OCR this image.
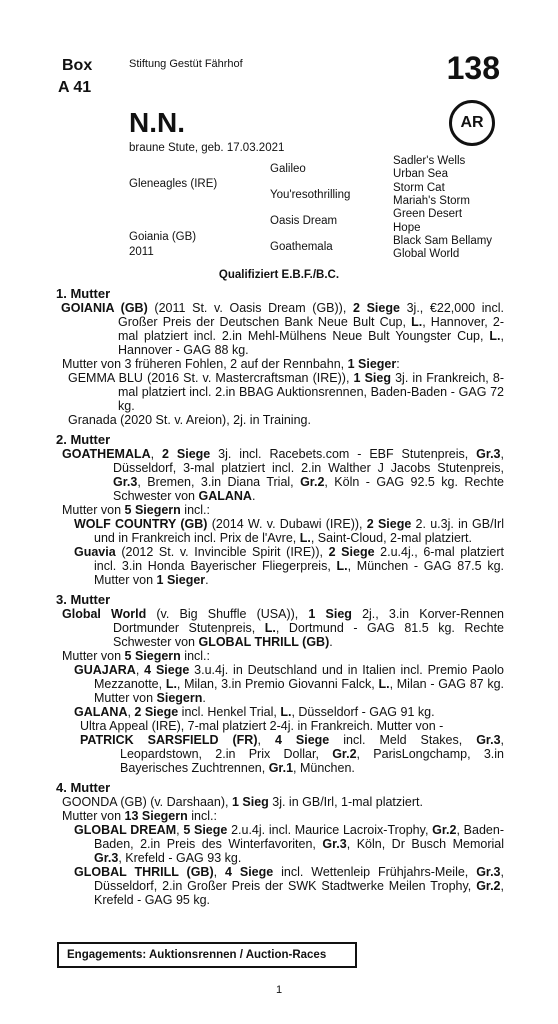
Box
A 41
Stiftung Gestüt Fährhof	138
N.N.	AR
braune Stute, geb. 17.03.2021
Gleneagles (IRE)
Goiania (GB)
2011
Galileo
You'resothrilling
Oasis Dream
Goathemala
Sadler's Wells
Urban Sea
Storm Cat
Mariah's Storm
Green Desert
Hope
Black Sam Bellamy
Global World
Qualifiziert E.B.F./B.C.
1. Mutter
GOIANIA (GB) (2011 St. v. Oasis Dream (GB)), 2 Siege 3j., €22,000 incl. Großer Preis der Deutschen Bank Neue Bult Cup, L., Hannover, 2-mal platziert incl. 2.in Mehl-Mülhens Neue Bult Youngster Cup, L., Hannover - GAG 88 kg.
Mutter von 3 früheren Fohlen, 2 auf der Rennbahn, 1 Sieger:
GEMMA BLU (2016 St. v. Mastercraftsman (IRE)), 1 Sieg 3j. in Frankreich, 8-mal platziert incl. 2.in BBAG Auktionsrennen, Baden-Baden - GAG 72 kg.
Granada (2020 St. v. Areion), 2j. in Training.
2. Mutter
GOATHEMALA, 2 Siege 3j. incl. Racebets.com - EBF Stutenpreis, Gr.3, Düsseldorf, 3-mal platziert incl. 2.in Walther J Jacobs Stutenpreis, Gr.3, Bremen, 3.in Diana Trial, Gr.2, Köln - GAG 92.5 kg. Rechte Schwester von GALANA.
Mutter von 5 Siegern incl.:
WOLF COUNTRY (GB) (2014 W. v. Dubawi (IRE)), 2 Siege 2. u.3j. in GB/Irl und in Frankreich incl. Prix de l'Avre, L., Saint-Cloud, 2-mal platziert.
Guavia (2012 St. v. Invincible Spirit (IRE)), 2 Siege 2.u.4j., 6-mal platziert incl. 3.in Honda Bayerischer Fliegerpreis, L., München - GAG 87.5 kg. Mutter von 1 Sieger.
3. Mutter
Global World (v. Big Shuffle (USA)), 1 Sieg 2j., 3.in Korver-Rennen Dortmunder Stutenpreis, L., Dortmund - GAG 81.5 kg. Rechte Schwester von GLOBAL THRILL (GB).
Mutter von 5 Siegern incl.:
GUAJARA, 4 Siege 3.u.4j. in Deutschland und in Italien incl. Premio Paolo Mezzanotte, L., Milan, 3.in Premio Giovanni Falck, L., Milan - GAG 87 kg. Mutter von Siegern.
GALANA, 2 Siege incl. Henkel Trial, L., Düsseldorf - GAG 91 kg.
Ultra Appeal (IRE), 7-mal platziert 2-4j. in Frankreich. Mutter von -
PATRICK SARSFIELD (FR), 4 Siege incl. Meld Stakes, Gr.3, Leopardstown, 2.in Prix Dollar, Gr.2, ParisLongchamp, 3.in Bayerisches Zuchtrennen, Gr.1, München.
4. Mutter
GOONDA (GB) (v. Darshaan), 1 Sieg 3j. in GB/Irl, 1-mal platziert.
Mutter von 13 Siegern incl.:
GLOBAL DREAM, 5 Siege 2.u.4j. incl. Maurice Lacroix-Trophy, Gr.2, Baden-Baden, 2.in Preis des Winterfavoriten, Gr.3, Köln, Dr Busch Memorial Gr.3, Krefeld - GAG 93 kg.
GLOBAL THRILL (GB), 4 Siege incl. Wettenleip Frühjahrs-Meile, Gr.3, Düsseldorf, 2.in Großer Preis der SWK Stadtwerke Meilen Trophy, Gr.2, Krefeld - GAG 95 kg.
Engagements: Auktionsrennen / Auction-Races
1
